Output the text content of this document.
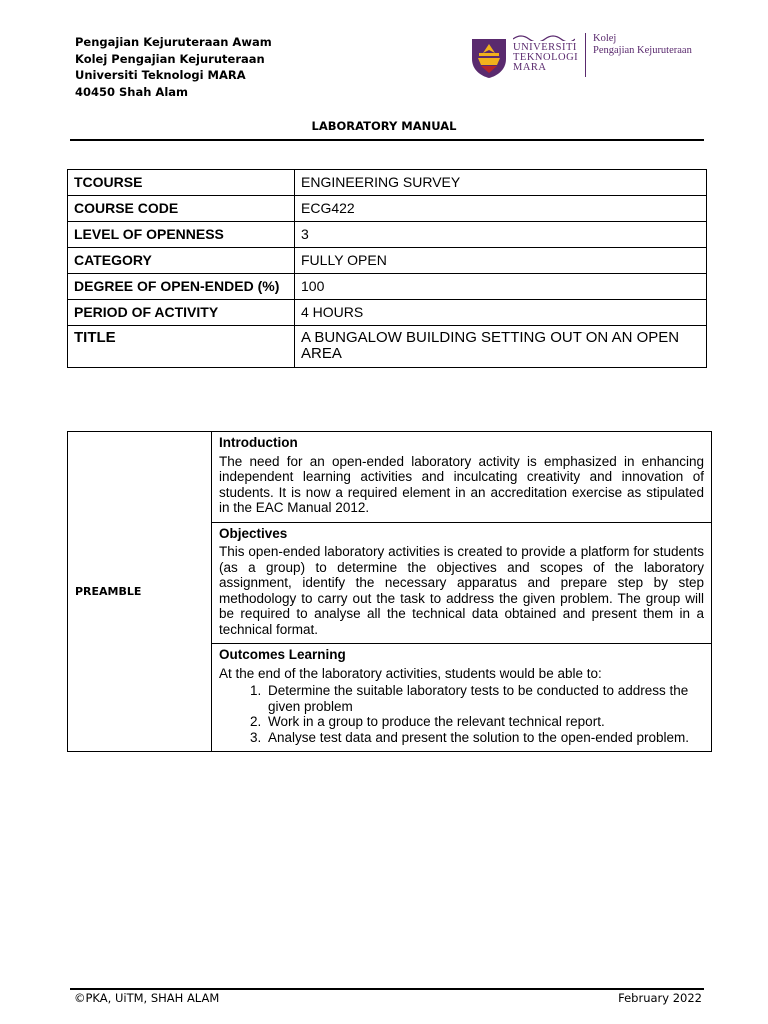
Pengajian Kejuruteraan Awam
Kolej Pengajian Kejuruteraan
Universiti Teknologi MARA
40450 Shah Alam
UNIVERSITI
TEKNOLOGI
MARA
Kolej
Pengajian Kejuruteraan
LABORATORY MANUAL
TCOURSE	ENGINEERING SURVEY
COURSE CODE	ECG422
LEVEL OF OPENNESS	3
CATEGORY	FULLY OPEN
DEGREE OF OPEN-ENDED (%)	100
PERIOD OF ACTIVITY	4 HOURS
TITLE	A BUNGALOW BUILDING SETTING OUT ON AN OPEN AREA
PREAMBLE	
Introduction
The need for an open-ended laboratory activity is emphasized in enhancing independent learning activities and inculcating creativity and innovation of students. It is now a required element in an accreditation exercise as stipulated in the EAC Manual 2012.

Objectives
This open-ended laboratory activities is created to provide a platform for students (as a group) to determine the objectives and scopes of the laboratory assignment, identify the necessary apparatus and prepare step by step methodology to carry out the task to address the given problem. The group will be required to analyse all the technical data obtained and present them in a technical format.

Outcomes Learning
At the end of the laboratory activities, students would be able to:
1. Determine the suitable laboratory tests to be conducted to address the given problem
2. Work in a group to produce the relevant technical report.
3. Analyse test data and present the solution to the open-ended problem.
©PKA, UiTM, SHAH ALAM	February 2022
